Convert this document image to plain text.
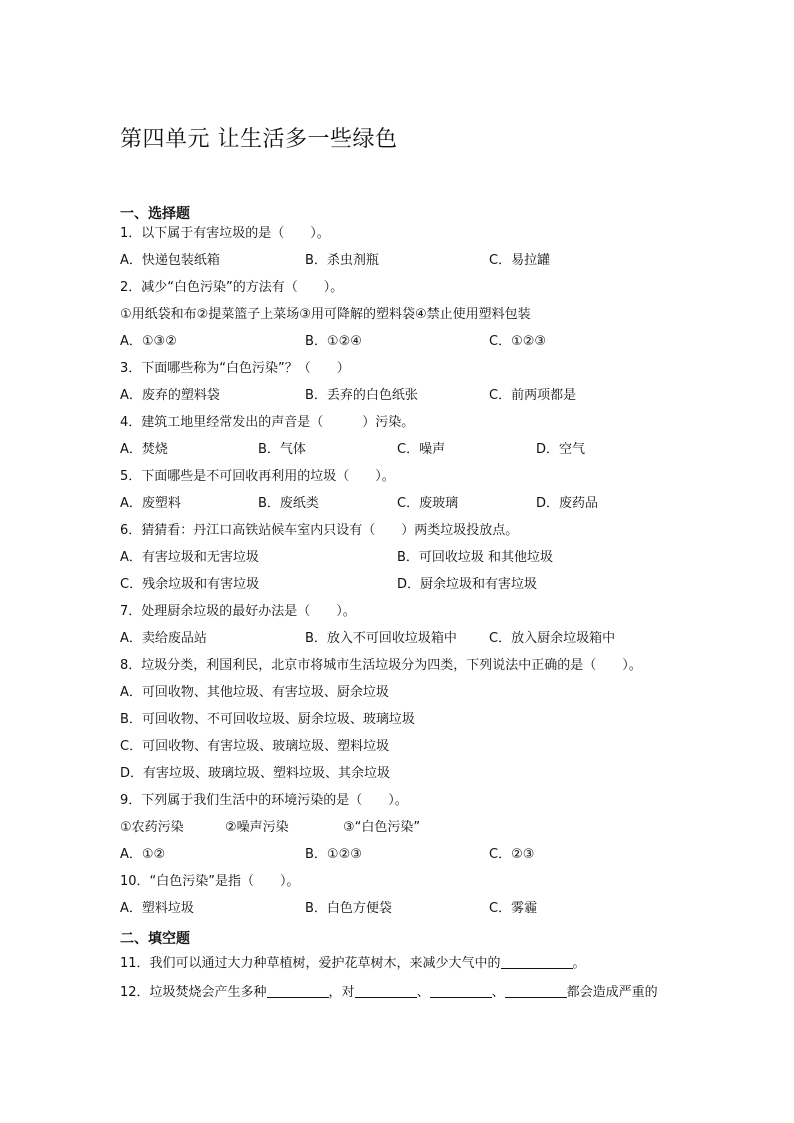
第四单元 让生活多一些绿色
一、选择题
1．以下属于有害垃圾的是（　　）。
A．快递包装纸箱	B．杀虫剂瓶	C．易拉罐
2．减少“白色污染”的方法有（　　）。
①用纸袋和布②提菜篮子上菜场③用可降解的塑料袋④禁止使用塑料包装
A．①③②	B．①②④	C．①②③
3．下面哪些称为“白色污染”？（　　）
A．废弃的塑料袋	B．丢弃的白色纸张	C．前两项都是
4．建筑工地里经常发出的声音是（　　　）污染。
A．焚烧	B．气体	C．噪声	D．空气
5．下面哪些是不可回收再利用的垃圾（　　）。
A．废塑料	B．废纸类	C．废玻璃	D．废药品
6．猜猜看：丹江口高铁站候车室内只设有（　　）两类垃圾投放点。
A．有害垃圾和无害垃圾	B．可回收垃圾 和其他垃圾
C．残余垃圾和有害垃圾	D．厨余垃圾和有害垃圾
7．处理厨余垃圾的最好办法是（　　）。
A．卖给废品站	B．放入不可回收垃圾箱中 C．放入厨余垃圾箱中
8．垃圾分类，利国利民，北京市将城市生活垃圾分为四类，下列说法中正确的是（　　）。
A．可回收物、其他垃圾、有害垃圾、厨余垃圾
B．可回收物、不可回收垃圾、厨余垃圾、玻璃垃圾
C．可回收物、有害垃圾、玻璃垃圾、塑料垃圾
D．有害垃圾、玻璃垃圾、塑料垃圾、其余垃圾
9．下列属于我们生活中的环境污染的是（　　）。
①农药污染	②噪声污染	③“白色污染”
A．①②	B．①②③	C．②③
10．“白色污染”是指（　　）。
A．塑料垃圾	B．白色方便袋	C．雾霾
二、填空题
11．我们可以通过大力种草植树，爱护花草树木，来减少大气中的	。
12．垃圾焚烧会产生多种	，对	、	、	都会造成严重的
